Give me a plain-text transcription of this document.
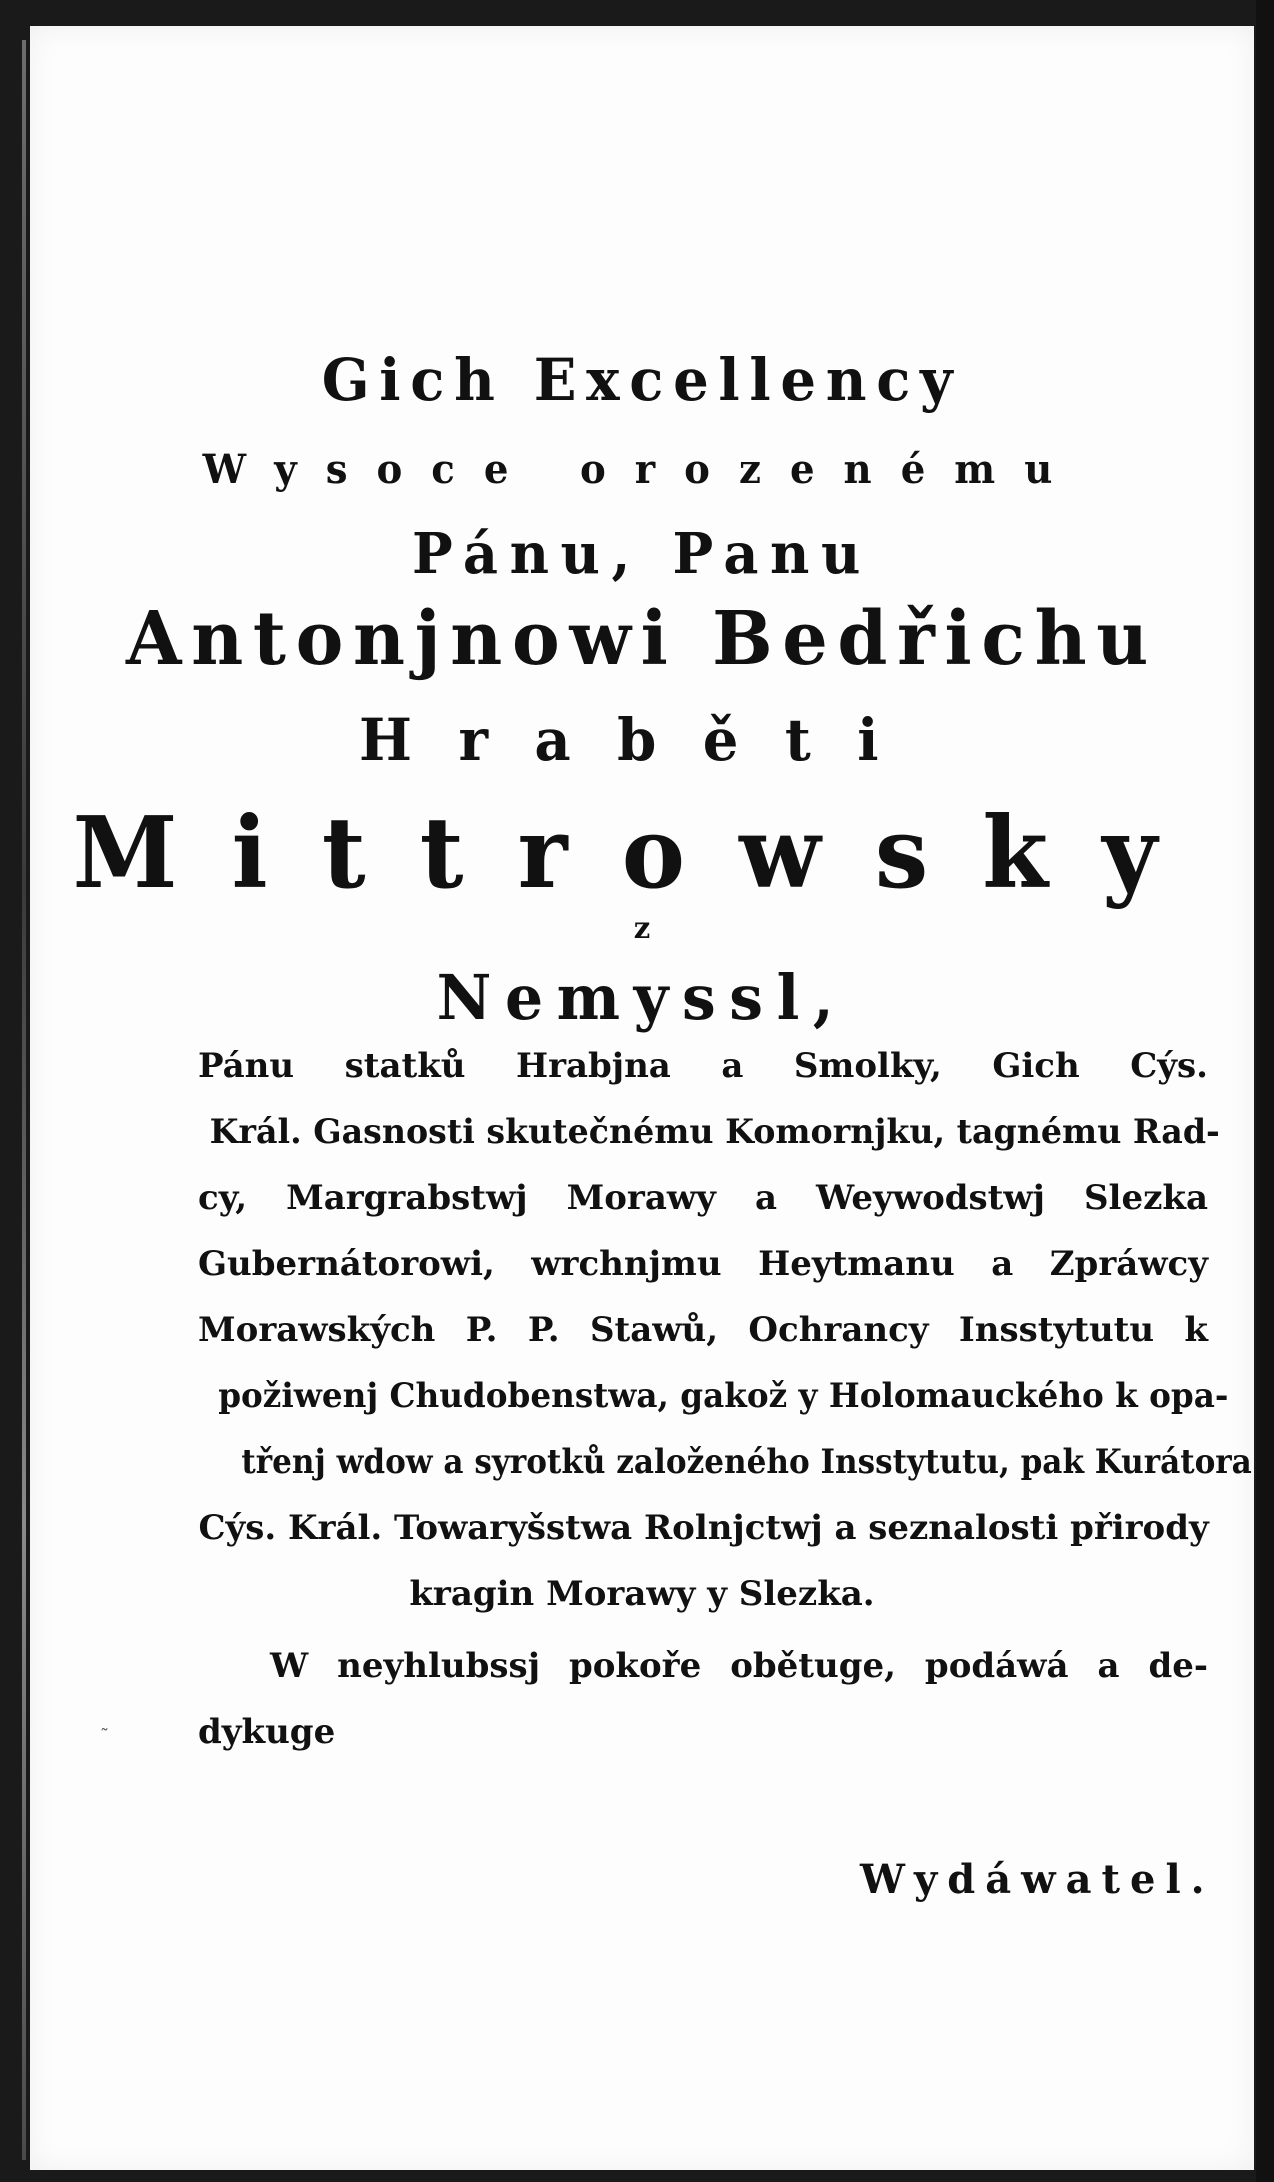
Gich Excellency
Wysoce orozenému
Pánu, Panu
Antonjnowi Bedřichu
Hraběti
Mittrowsky
z
Nemyssl,
Pánu statků Hrabjna a Smolky, Gich Cýs.
Král. Gasnosti skutečnému Komornjku, tagnému Rad-
cy, Margrabstwj Morawy a Weywodstwj Slezka
Gubernátorowi, wrchnjmu Heytmanu a Zpráwcy
Morawských P. P. Stawů, Ochrancy Insstytutu k
požiwenj Chudobenstwa, gakož y Holomauckého k opa-
třenj wdow a syrotků založeného Insstytutu, pak Kurátora
Cýs. Král. Towaryšstwa Rolnjctwj a seznalosti přirody
kragin Morawy y Slezka.
W neyhlubssj pokoře obětuge, podáwá a de-
dykuge
Wydáwatel.
˜
